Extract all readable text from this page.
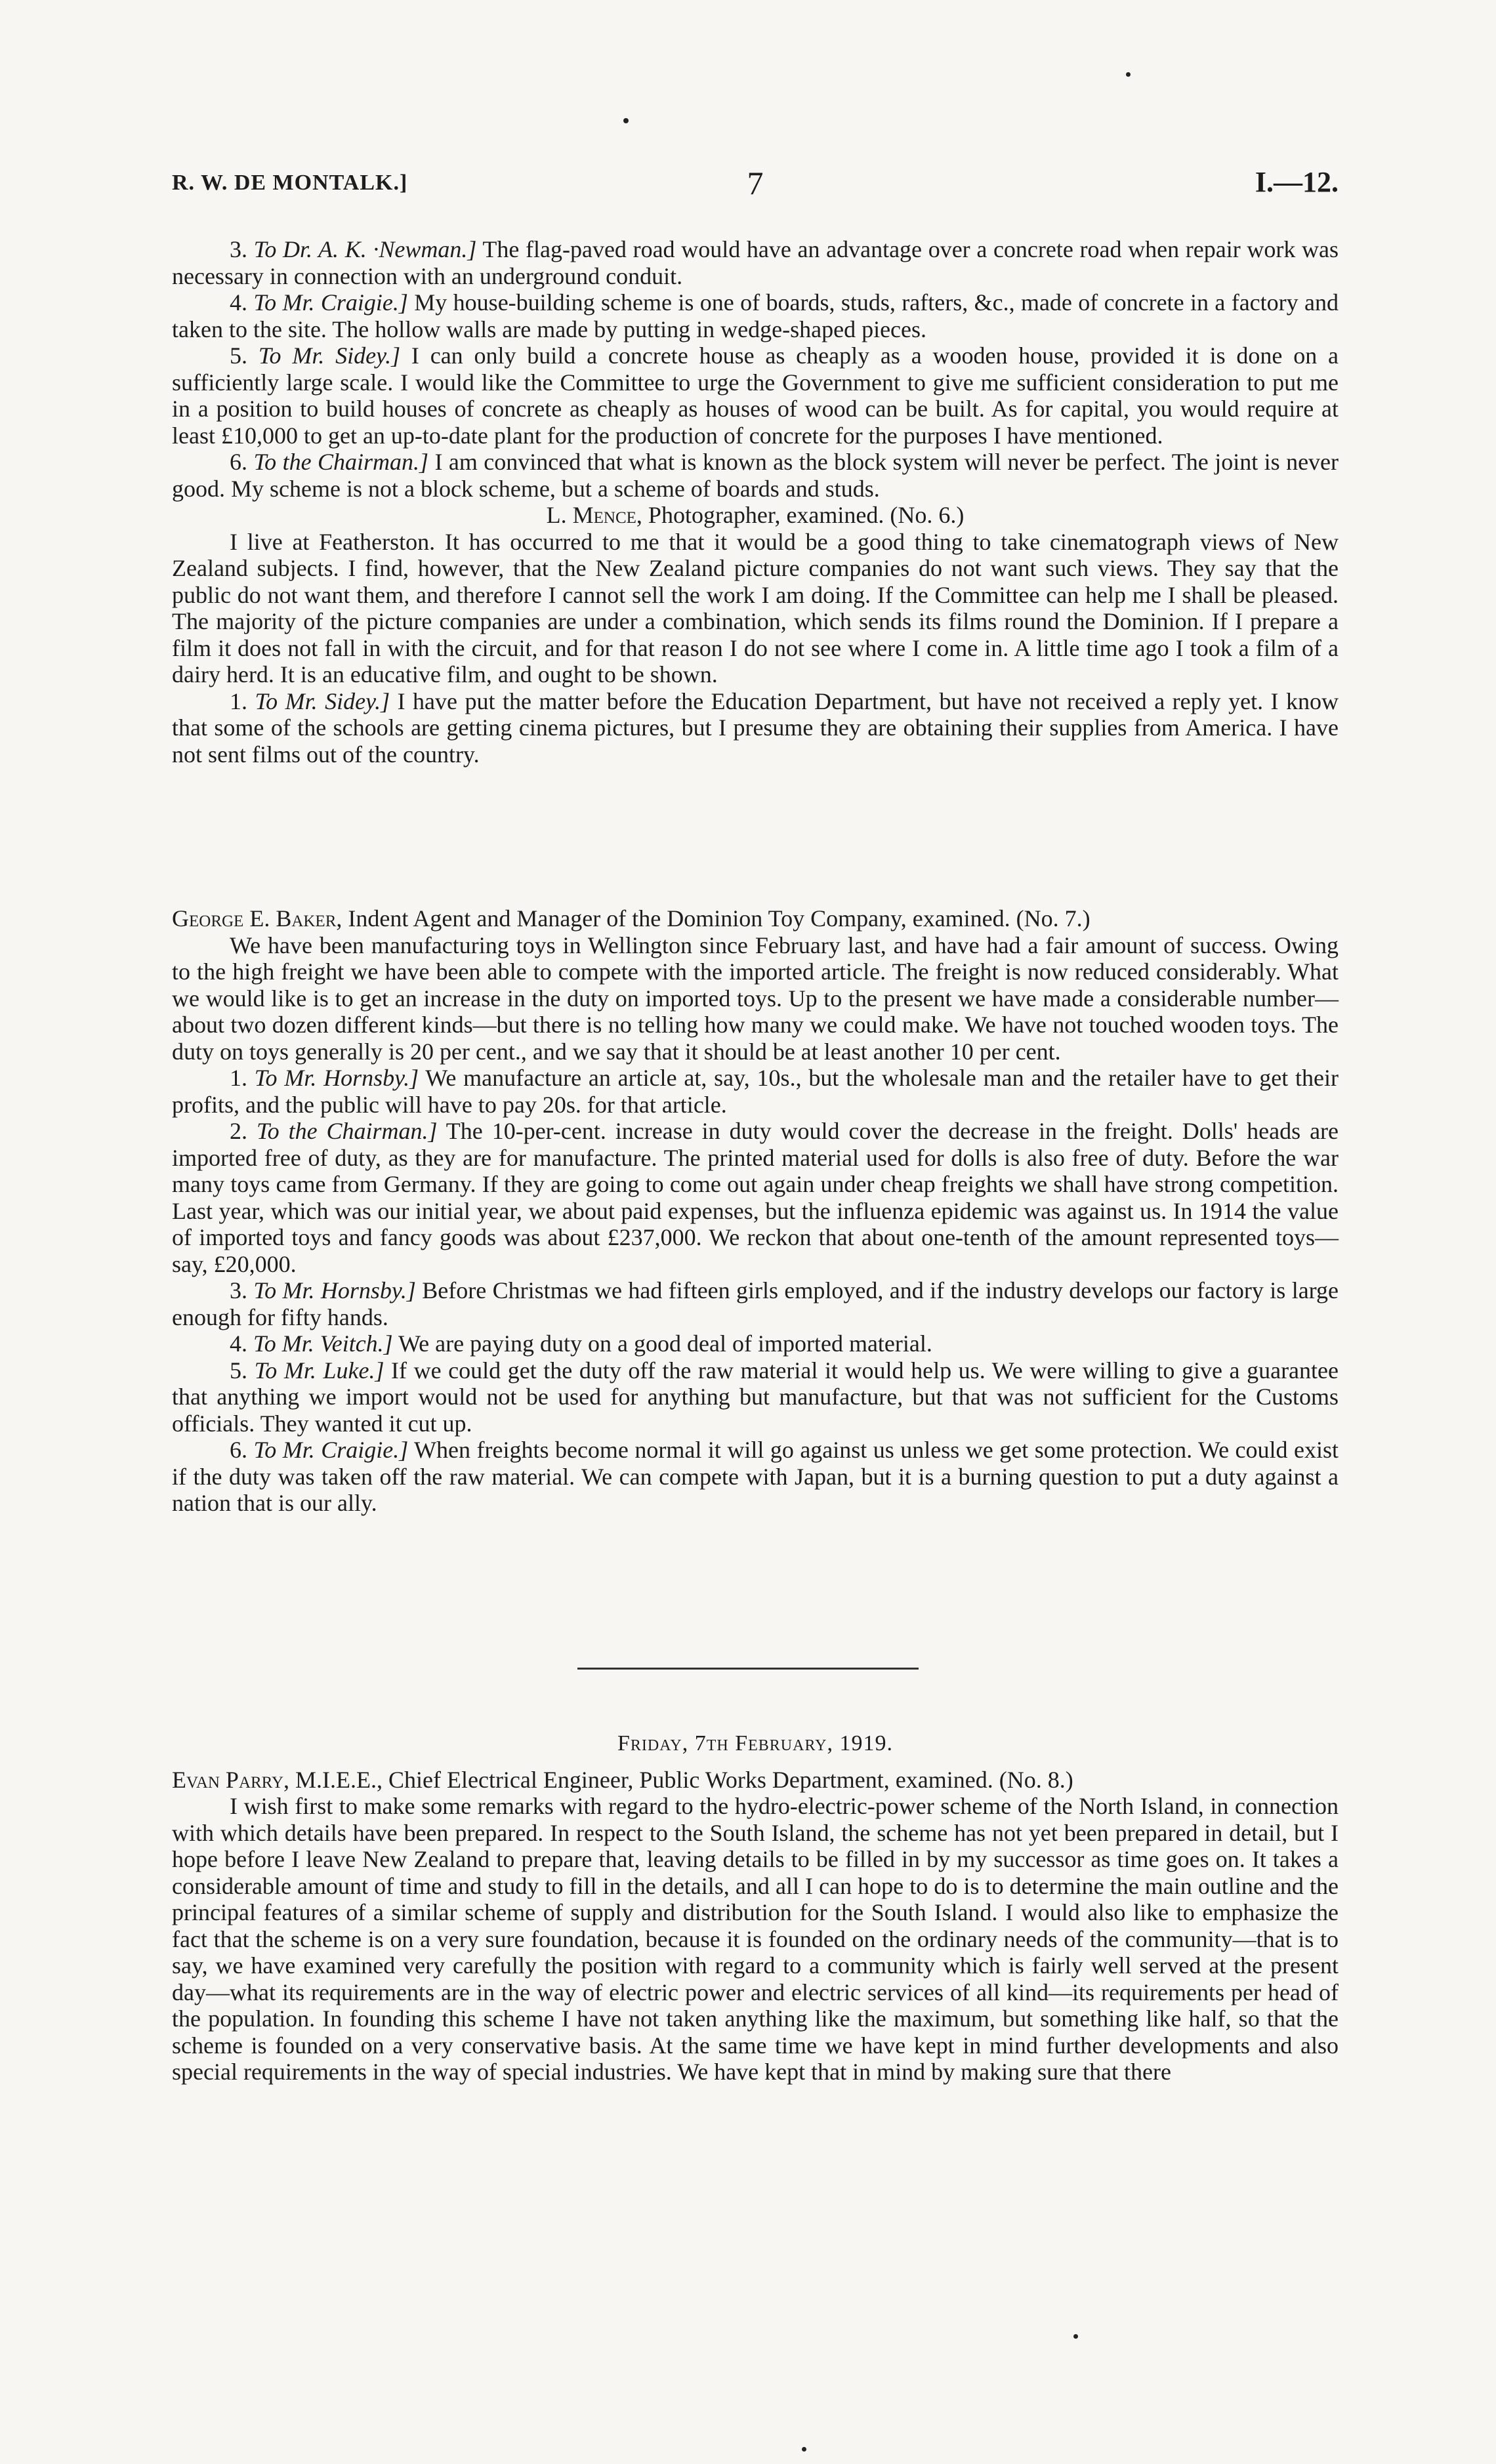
R. W. DE MONTALK.]	7	I.—12.

3. To Dr. A. K. ·Newman.] The flag-paved road would have an advantage over a concrete road when repair work was necessary in connection with an underground conduit.

4. To Mr. Craigie.] My house-building scheme is one of boards, studs, rafters, &c., made of concrete in a factory and taken to the site. The hollow walls are made by putting in wedge-shaped pieces.

5. To Mr. Sidey.] I can only build a concrete house as cheaply as a wooden house, provided it is done on a sufficiently large scale. I would like the Committee to urge the Government to give me sufficient consideration to put me in a position to build houses of concrete as cheaply as houses of wood can be built. As for capital, you would require at least £10,000 to get an up-to-date plant for the production of concrete for the purposes I have mentioned.

6. To the Chairman.] I am convinced that what is known as the block system will never be perfect. The joint is never good. My scheme is not a block scheme, but a scheme of boards and studs.

L. Mence, Photographer, examined. (No. 6.)

I live at Featherston. It has occurred to me that it would be a good thing to take cinematograph views of New Zealand subjects. I find, however, that the New Zealand picture companies do not want such views. They say that the public do not want them, and therefore I cannot sell the work I am doing. If the Committee can help me I shall be pleased. The majority of the picture companies are under a combination, which sends its films round the Dominion. If I prepare a film it does not fall in with the circuit, and for that reason I do not see where I come in. A little time ago I took a film of a dairy herd. It is an educative film, and ought to be shown.

1. To Mr. Sidey.] I have put the matter before the Education Department, but have not received a reply yet. I know that some of the schools are getting cinema pictures, but I presume they are obtaining their supplies from America. I have not sent films out of the country.

George E. Baker, Indent Agent and Manager of the Dominion Toy Company, examined. (No. 7.)

We have been manufacturing toys in Wellington since February last, and have had a fair amount of success. Owing to the high freight we have been able to compete with the imported article. The freight is now reduced considerably. What we would like is to get an increase in the duty on imported toys. Up to the present we have made a considerable number—about two dozen different kinds—but there is no telling how many we could make. We have not touched wooden toys. The duty on toys generally is 20 per cent., and we say that it should be at least another 10 per cent.

1. To Mr. Hornsby.] We manufacture an article at, say, 10s., but the wholesale man and the retailer have to get their profits, and the public will have to pay 20s. for that article.

2. To the Chairman.] The 10-per-cent. increase in duty would cover the decrease in the freight. Dolls' heads are imported free of duty, as they are for manufacture. The printed material used for dolls is also free of duty. Before the war many toys came from Germany. If they are going to come out again under cheap freights we shall have strong competition. Last year, which was our initial year, we about paid expenses, but the influenza epidemic was against us. In 1914 the value of imported toys and fancy goods was about £237,000. We reckon that about one-tenth of the amount represented toys—say, £20,000.

3. To Mr. Hornsby.] Before Christmas we had fifteen girls employed, and if the industry develops our factory is large enough for fifty hands.

4. To Mr. Veitch.] We are paying duty on a good deal of imported material.

5. To Mr. Luke.] If we could get the duty off the raw material it would help us. We were willing to give a guarantee that anything we import would not be used for anything but manufacture, but that was not sufficient for the Customs officials. They wanted it cut up.

6. To Mr. Craigie.] When freights become normal it will go against us unless we get some protection. We could exist if the duty was taken off the raw material. We can compete with Japan, but it is a burning question to put a duty against a nation that is our ally.

Friday, 7th February, 1919.

Evan Parry, M.I.E.E., Chief Electrical Engineer, Public Works Department, examined. (No. 8.)

I wish first to make some remarks with regard to the hydro-electric-power scheme of the North Island, in connection with which details have been prepared. In respect to the South Island, the scheme has not yet been prepared in detail, but I hope before I leave New Zealand to prepare that, leaving details to be filled in by my successor as time goes on. It takes a considerable amount of time and study to fill in the details, and all I can hope to do is to determine the main outline and the principal features of a similar scheme of supply and distribution for the South Island. I would also like to emphasize the fact that the scheme is on a very sure foundation, because it is founded on the ordinary needs of the community—that is to say, we have examined very carefully the position with regard to a community which is fairly well served at the present day—what its requirements are in the way of electric power and electric services of all kind—its requirements per head of the population. In founding this scheme I have not taken anything like the maximum, but something like half, so that the scheme is founded on a very conservative basis. At the same time we have kept in mind further developments and also special requirements in the way of special industries. We have kept that in mind by making sure that there
